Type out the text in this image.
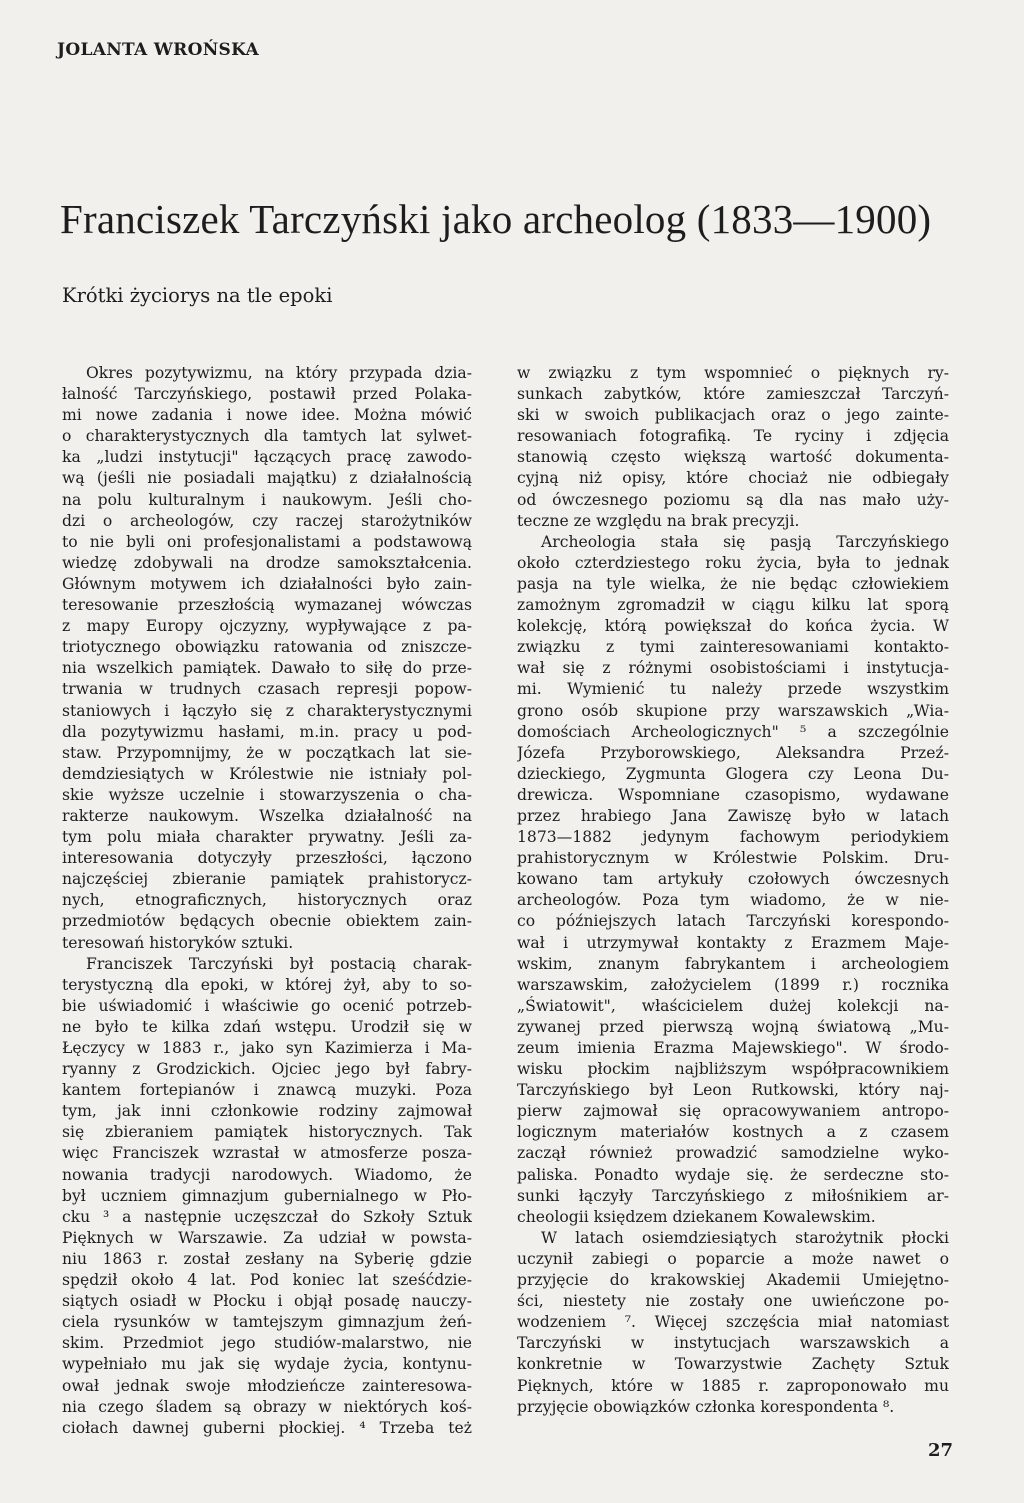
JOLANTA WROŃSKA
Franciszek Tarczyński jako archeolog (1833—1900)
Krótki życiorys na tle epoki
Okres pozytywizmu, na który przypada dzia-
łalność Tarczyńskiego, postawił przed Polaka-
mi nowe zadania i nowe idee. Można mówić
o charakterystycznych dla tamtych lat sylwet-
ka „ludzi instytucji" łączących pracę zawodo-
wą (jeśli nie posiadali majątku) z działalnością
na polu kulturalnym i naukowym. Jeśli cho-
dzi o archeologów, czy raczej starożytników
to nie byli oni profesjonalistami a podstawową
wiedzę zdobywali na drodze samokształcenia.
Głównym motywem ich działalności było zain-
teresowanie przeszłością wymazanej wówczas
z mapy Europy ojczyzny, wypływające z pa-
triotycznego obowiązku ratowania od zniszcze-
nia wszelkich pamiątek. Dawało to siłę do prze-
trwania w trudnych czasach represji popow-
staniowych i łączyło się z charakterystycznymi
dla pozytywizmu hasłami, m.in. pracy u pod-
staw. Przypomnijmy, że w początkach lat sie-
demdziesiątych w Królestwie nie istniały pol-
skie wyższe uczelnie i stowarzyszenia o cha-
rakterze naukowym. Wszelka działalność na
tym polu miała charakter prywatny. Jeśli za-
interesowania dotyczyły przeszłości, łączono
najczęściej zbieranie pamiątek prahistorycz-
nych, etnograficznych, historycznych oraz
przedmiotów będących obecnie obiektem zain-
teresowań historyków sztuki.
Franciszek Tarczyński był postacią charak-
terystyczną dla epoki, w której żył, aby to so-
bie uświadomić i właściwie go ocenić potrzeb-
ne było te kilka zdań wstępu. Urodził się w
Łęczycy w 1883 r., jako syn Kazimierza i Ma-
ryanny z Grodzickich. Ojciec jego był fabry-
kantem fortepianów i znawcą muzyki. Poza
tym, jak inni członkowie rodziny zajmował
się zbieraniem pamiątek historycznych. Tak
więc Franciszek wzrastał w atmosferze posza-
nowania tradycji narodowych. Wiadomo, że
był uczniem gimnazjum gubernialnego w Pło-
cku ³ a następnie uczęszczał do Szkoły Sztuk
Pięknych w Warszawie. Za udział w powsta-
niu 1863 r. został zesłany na Syberię gdzie
spędził około 4 lat. Pod koniec lat sześćdzie-
siątych osiadł w Płocku i objął posadę nauczy-
ciela rysunków w tamtejszym gimnazjum żeń-
skim. Przedmiot jego studiów-malarstwo, nie
wypełniało mu jak się wydaje życia, kontynu-
ował jednak swoje młodzieńcze zainteresowa-
nia czego śladem są obrazy w niektórych koś-
ciołach dawnej guberni płockiej. ⁴ Trzeba też
w związku z tym wspomnieć o pięknych ry-
sunkach zabytków, które zamieszczał Tarczyń-
ski w swoich publikacjach oraz o jego zainte-
resowaniach fotografiką. Te ryciny i zdjęcia
stanowią często większą wartość dokumenta-
cyjną niż opisy, które chociaż nie odbiegały
od ówczesnego poziomu są dla nas mało uży-
teczne ze względu na brak precyzji.
Archeologia stała się pasją Tarczyńskiego
około czterdziestego roku życia, była to jednak
pasja na tyle wielka, że nie będąc człowiekiem
zamożnym zgromadził w ciągu kilku lat sporą
kolekcję, którą powiększał do końca życia. W
związku z tymi zainteresowaniami kontakto-
wał się z różnymi osobistościami i instytucja-
mi. Wymienić tu należy przede wszystkim
grono osób skupione przy warszawskich „Wia-
domościach Archeologicznych" ⁵ a szczególnie
Józefa Przyborowskiego, Aleksandra Przeź-
dzieckiego, Zygmunta Glogera czy Leona Du-
drewicza. Wspomniane czasopismo, wydawane
przez hrabiego Jana Zawiszę było w latach
1873—1882 jedynym fachowym periodykiem
prahistorycznym w Królestwie Polskim. Dru-
kowano tam artykuły czołowych ówczesnych
archeologów. Poza tym wiadomo, że w nie-
co późniejszych latach Tarczyński korespondo-
wał i utrzymywał kontakty z Erazmem Maje-
wskim, znanym fabrykantem i archeologiem
warszawskim, założycielem (1899 r.) rocznika
„Światowit", właścicielem dużej kolekcji na-
zywanej przed pierwszą wojną światową „Mu-
zeum imienia Erazma Majewskiego". W środo-
wisku płockim najbliższym współpracownikiem
Tarczyńskiego był Leon Rutkowski, który naj-
pierw zajmował się opracowywaniem antropo-
logicznym materiałów kostnych a z czasem
zaczął również prowadzić samodzielne wyko-
paliska. Ponadto wydaje się. że serdeczne sto-
sunki łączyły Tarczyńskiego z miłośnikiem ar-
cheologii księdzem dziekanem Kowalewskim.
W latach osiemdziesiątych starożytnik płocki
uczynił zabiegi o poparcie a może nawet o
przyjęcie do krakowskiej Akademii Umiejętno-
ści, niestety nie zostały one uwieńczone po-
wodzeniem ⁷. Więcej szczęścia miał natomiast
Tarczyński w instytucjach warszawskich a
konkretnie w Towarzystwie Zachęty Sztuk
Pięknych, które w 1885 r. zaproponowało mu
przyjęcie obowiązków członka korespondenta ⁸.
27
